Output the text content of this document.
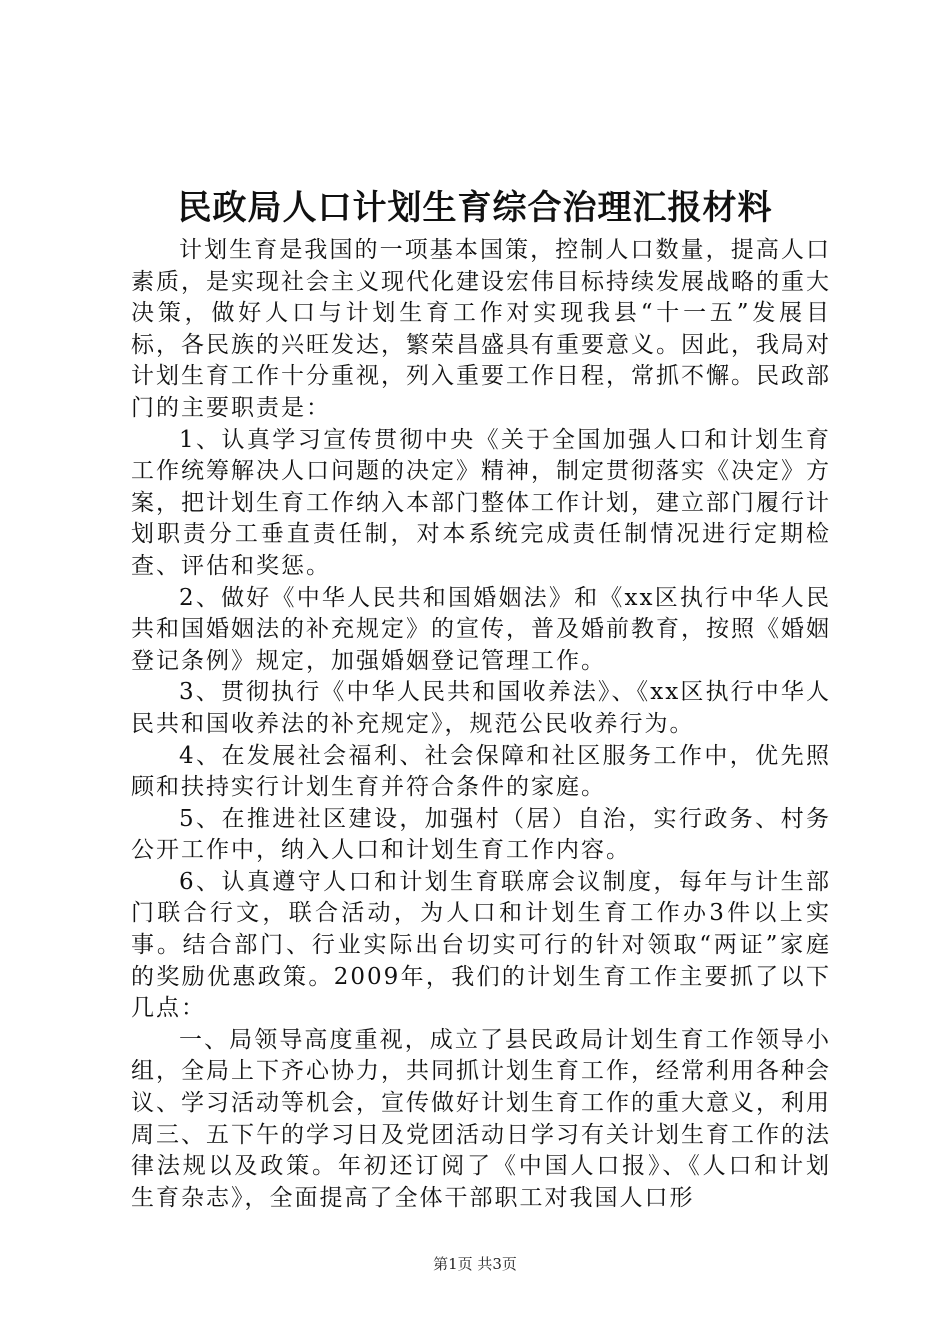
民政局人口计划生育综合治理汇报材料

计划生育是我国的一项基本国策，控制人口数量，提高人口素质，是实现社会主义现代化建设宏伟目标持续发展战略的重大决策，做好人口与计划生育工作对实现我县“十一五”发展目标，各民族的兴旺发达，繁荣昌盛具有重要意义。因此，我局对计划生育工作十分重视，列入重要工作日程，常抓不懈。民政部门的主要职责是：

1、认真学习宣传贯彻中央《关于全国加强人口和计划生育工作统筹解决人口问题的决定》精神，制定贯彻落实《决定》方案，把计划生育工作纳入本部门整体工作计划，建立部门履行计划职责分工垂直责任制，对本系统完成责任制情况进行定期检查、评估和奖惩。

2、做好《中华人民共和国婚姻法》和《xx区执行中华人民共和国婚姻法的补充规定》的宣传，普及婚前教育，按照《婚姻登记条例》规定，加强婚姻登记管理工作。

3、贯彻执行《中华人民共和国收养法》、《xx区执行中华人民共和国收养法的补充规定》，规范公民收养行为。

4、在发展社会福利、社会保障和社区服务工作中，优先照顾和扶持实行计划生育并符合条件的家庭。

5、在推进社区建设，加强村（居）自治，实行政务、村务公开工作中，纳入人口和计划生育工作内容。

6、认真遵守人口和计划生育联席会议制度，每年与计生部门联合行文，联合活动，为人口和计划生育工作办3件以上实事。结合部门、行业实际出台切实可行的针对领取“两证”家庭的奖励优惠政策。2009年，我们的计划生育工作主要抓了以下几点：

一、局领导高度重视，成立了县民政局计划生育工作领导小组，全局上下齐心协力，共同抓计划生育工作，经常利用各种会议、学习活动等机会，宣传做好计划生育工作的重大意义，利用周三、五下午的学习日及党团活动日学习有关计划生育工作的法律法规以及政策。年初还订阅了《中国人口报》、《人口和计划生育杂志》，全面提高了全体干部职工对我国人口形

第1页 共3页
